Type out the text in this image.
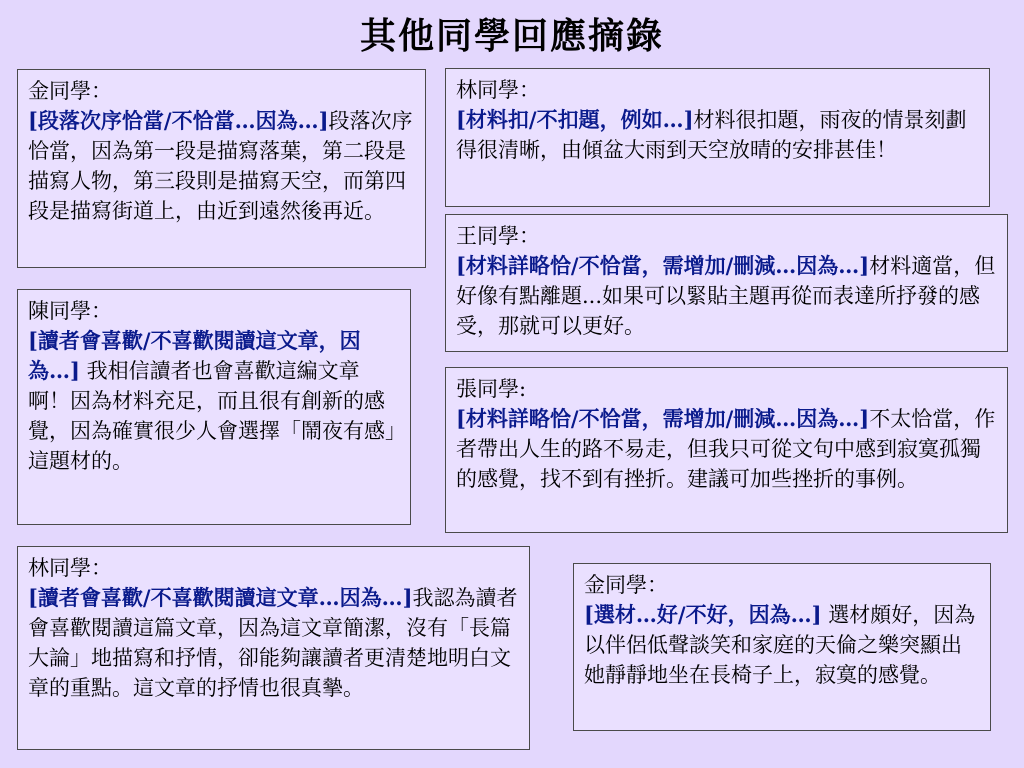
其他同學回應摘錄
金同學：
[段落次序恰當/不恰當…因為…]段落次序恰當，因為第一段是描寫落葉，第二段是描寫人物，第三段則是描寫天空，而第四段是描寫街道上，由近到遠然後再近。
林同學：
[材料扣/不扣題，例如…]材料很扣題，雨夜的情景刻劃得很清晰，由傾盆大雨到天空放晴的安排甚佳！
王同學：
[材料詳略恰/不恰當，需增加/刪減…因為…]材料適當，但好像有點離題...如果可以緊貼主題再從而表達所抒發的感受，那就可以更好。
陳同學：
[讀者會喜歡/不喜歡閱讀這文章，因為…] 我相信讀者也會喜歡這編文章啊！因為材料充足，而且很有創新的感覺，因為確實很少人會選擇「鬧夜有感」這題材的。
張同學:
[材料詳略恰/不恰當，需增加/刪減…因為…]不太恰當，作者帶出人生的路不易走，但我只可從文句中感到寂寞孤獨的感覺，找不到有挫折。建議可加些挫折的事例。
林同學：
[讀者會喜歡/不喜歡閱讀這文章…因為…]我認為讀者會喜歡閱讀這篇文章，因為這文章簡潔，沒有「長篇大論」地描寫和抒情，卻能夠讓讀者更清楚地明白文章的重點。這文章的抒情也很真摰。
金同學：
[選材…好/不好，因為…] 選材頗好，因為以伴侶低聲談笑和家庭的天倫之樂突顯出她靜靜地坐在長椅子上，寂寞的感覺。
